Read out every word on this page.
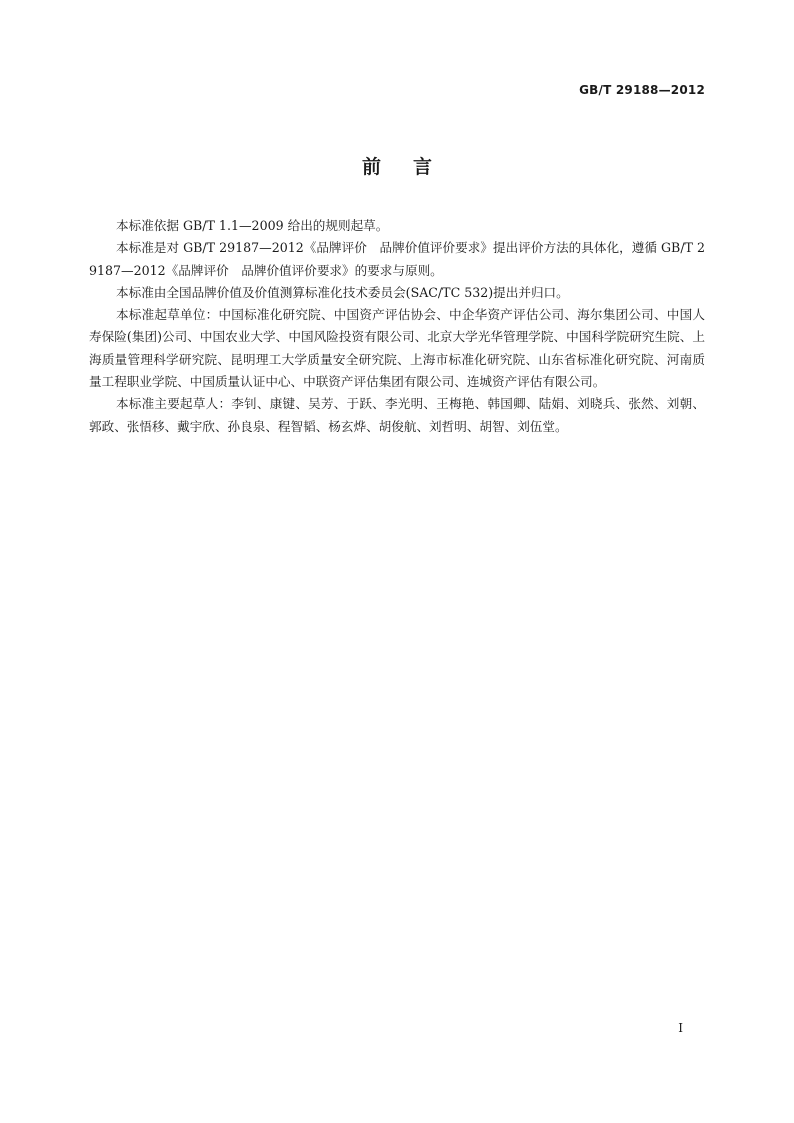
GB/T 29188—2012
前言

本标准依据 GB/T 1.1—2009 给出的规则起草。

本标准是对 GB/T 29187—2012《品牌评价　品牌价值评价要求》提出评价方法的具体化，遵循 GB/T 29187—2012《品牌评价　品牌价值评价要求》的要求与原则。

本标准由全国品牌价值及价值测算标准化技术委员会(SAC/TC 532)提出并归口。

本标准起草单位：中国标准化研究院、中国资产评估协会、中企华资产评估公司、海尔集团公司、中国人寿保险(集团)公司、中国农业大学、中国风险投资有限公司、北京大学光华管理学院、中国科学院研究生院、上海质量管理科学研究院、昆明理工大学质量安全研究院、上海市标准化研究院、山东省标准化研究院、河南质量工程职业学院、中国质量认证中心、中联资产评估集团有限公司、连城资产评估有限公司。

本标准主要起草人：李钊、康键、吴芳、于跃、李光明、王梅艳、韩国卿、陆娟、刘晓兵、张然、刘朝、郭政、张悟移、戴宇欣、孙良泉、程智韬、杨玄烨、胡俊航、刘哲明、胡智、刘伍堂。

I
